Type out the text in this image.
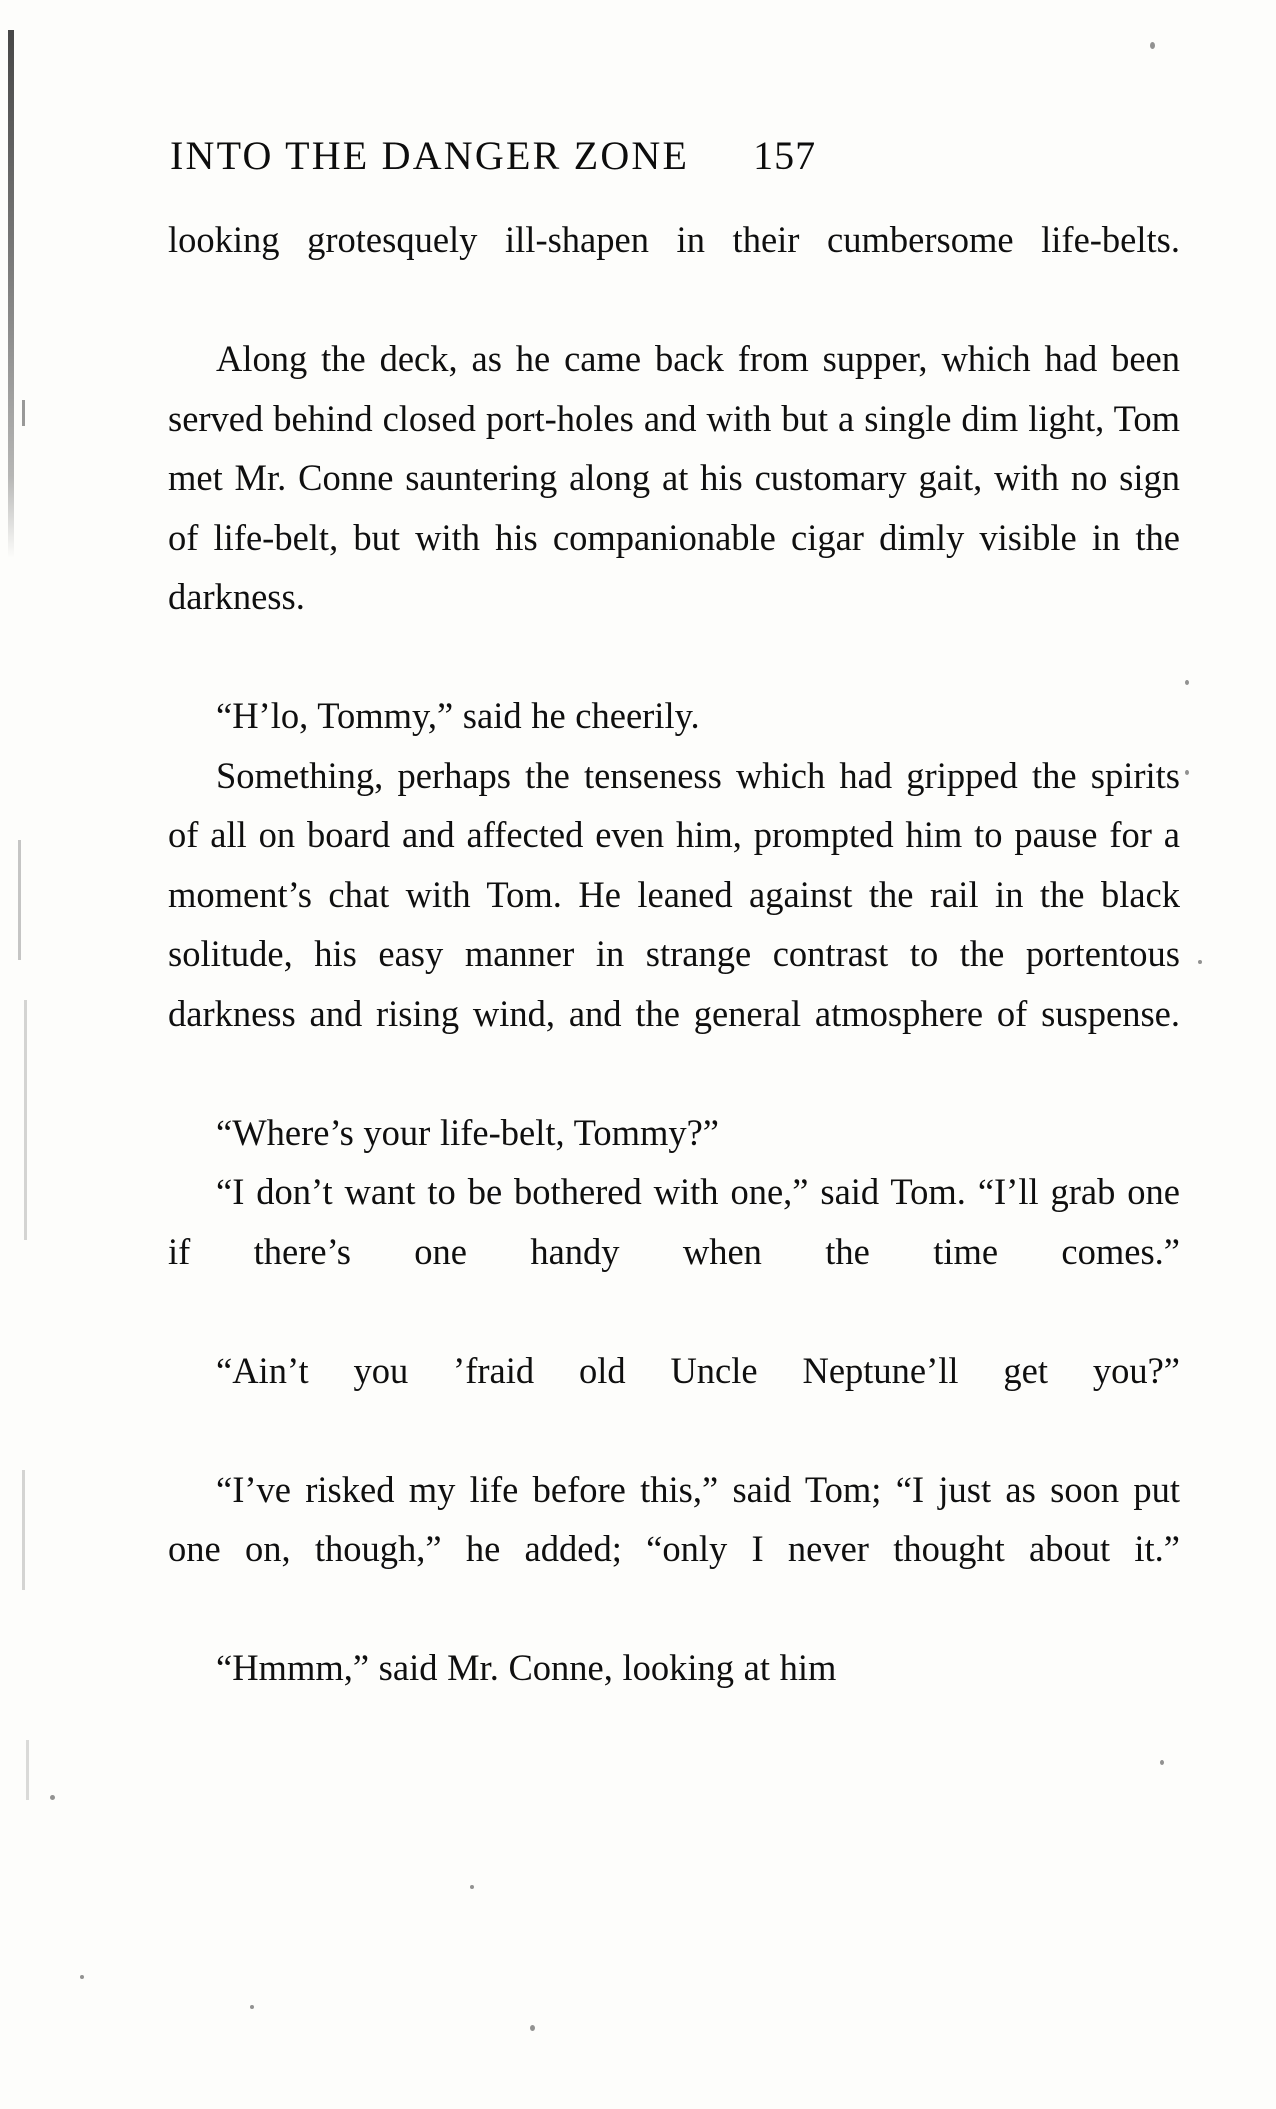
INTO THE DANGER ZONE 157

looking grotesquely ill-shapen in their cumbersome life-belts.

Along the deck, as he came back from supper, which had been served behind closed port-holes and with but a single dim light, Tom met Mr. Conne sauntering along at his customary gait, with no sign of life-belt, but with his companionable cigar dimly visible in the darkness.

“H’lo, Tommy,” said he cheerily.

Something, perhaps the tenseness which had gripped the spirits of all on board and affected even him, prompted him to pause for a moment’s chat with Tom. He leaned against the rail in the black solitude, his easy manner in strange contrast to the portentous darkness and rising wind, and the general atmosphere of suspense.

“Where’s your life-belt, Tommy?”

“I don’t want to be bothered with one,” said Tom. “I’ll grab one if there’s one handy when the time comes.”

“Ain’t you ’fraid old Uncle Neptune’ll get you?”

“I’ve risked my life before this,” said Tom; “I just as soon put one on, though,” he added; “only I never thought about it.”

“Hmmm,” said Mr. Conne, looking at him
